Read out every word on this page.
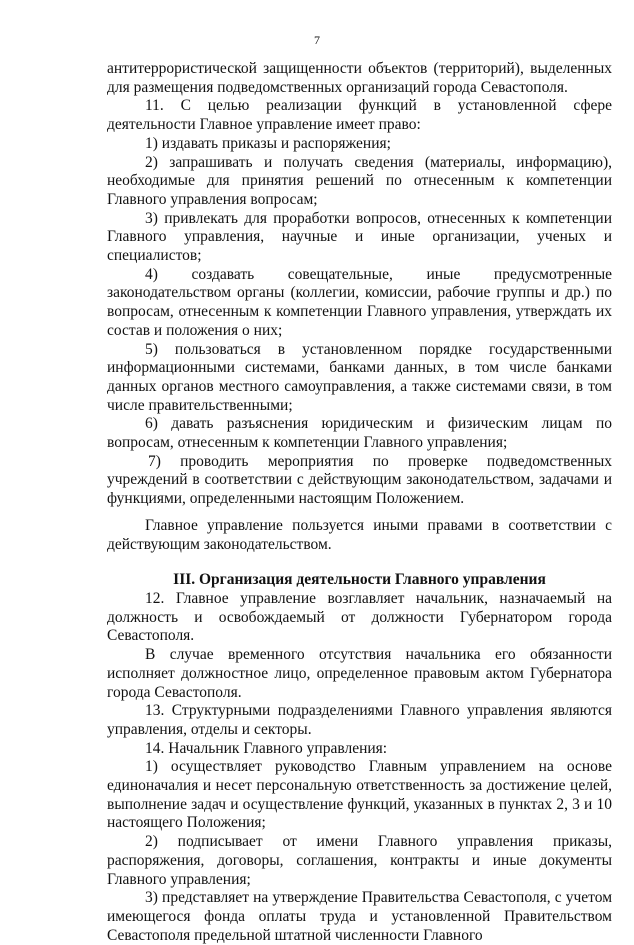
7

антитеррористической защищенности объектов (территорий), выделенных для размещения подведомственных организаций города Севастополя.

11. С целью реализации функций в установленной сфере деятельности Главное управление имеет право:

1) издавать приказы и распоряжения;

2) запрашивать и получать сведения (материалы, информацию), необходимые для принятия решений по отнесенным к компетенции Главного управления вопросам;

3) привлекать для проработки вопросов, отнесенных к компетенции Главного управления, научные и иные организации, ученых и специалистов;

4) создавать совещательные, иные предусмотренные законодательством органы (коллегии, комиссии, рабочие группы и др.) по вопросам, отнесенным к компетенции Главного управления, утверждать их состав и положения о них;

5) пользоваться в установленном порядке государственными информационными системами, банками данных, в том числе банками данных органов местного самоуправления, а также системами связи, в том числе правительственными;

6) давать разъяснения юридическим и физическим лицам по вопросам, отнесенным к компетенции Главного управления;

7) проводить мероприятия по проверке подведомственных учреждений в соответствии с действующим законодательством, задачами и функциями, определенными настоящим Положением.

Главное управление пользуется иными правами в соответствии с действующим законодательством.

III. Организация деятельности Главного управления

12. Главное управление возглавляет начальник, назначаемый на должность и освобождаемый от должности Губернатором города Севастополя.

В случае временного отсутствия начальника его обязанности исполняет должностное лицо, определенное правовым актом Губернатора города Севастополя.

13. Структурными подразделениями Главного управления являются управления, отделы и секторы.

14. Начальник Главного управления:

1) осуществляет руководство Главным управлением на основе единоначалия и несет персональную ответственность за достижение целей, выполнение задач и осуществление функций, указанных в пунктах 2, 3 и 10 настоящего Положения;

2) подписывает от имени Главного управления приказы, распоряжения, договоры, соглашения, контракты и иные документы Главного управления;

3) представляет на утверждение Правительства Севастополя, с учетом имеющегося фонда оплаты труда и установленной Правительством Севастополя предельной штатной численности Главного
